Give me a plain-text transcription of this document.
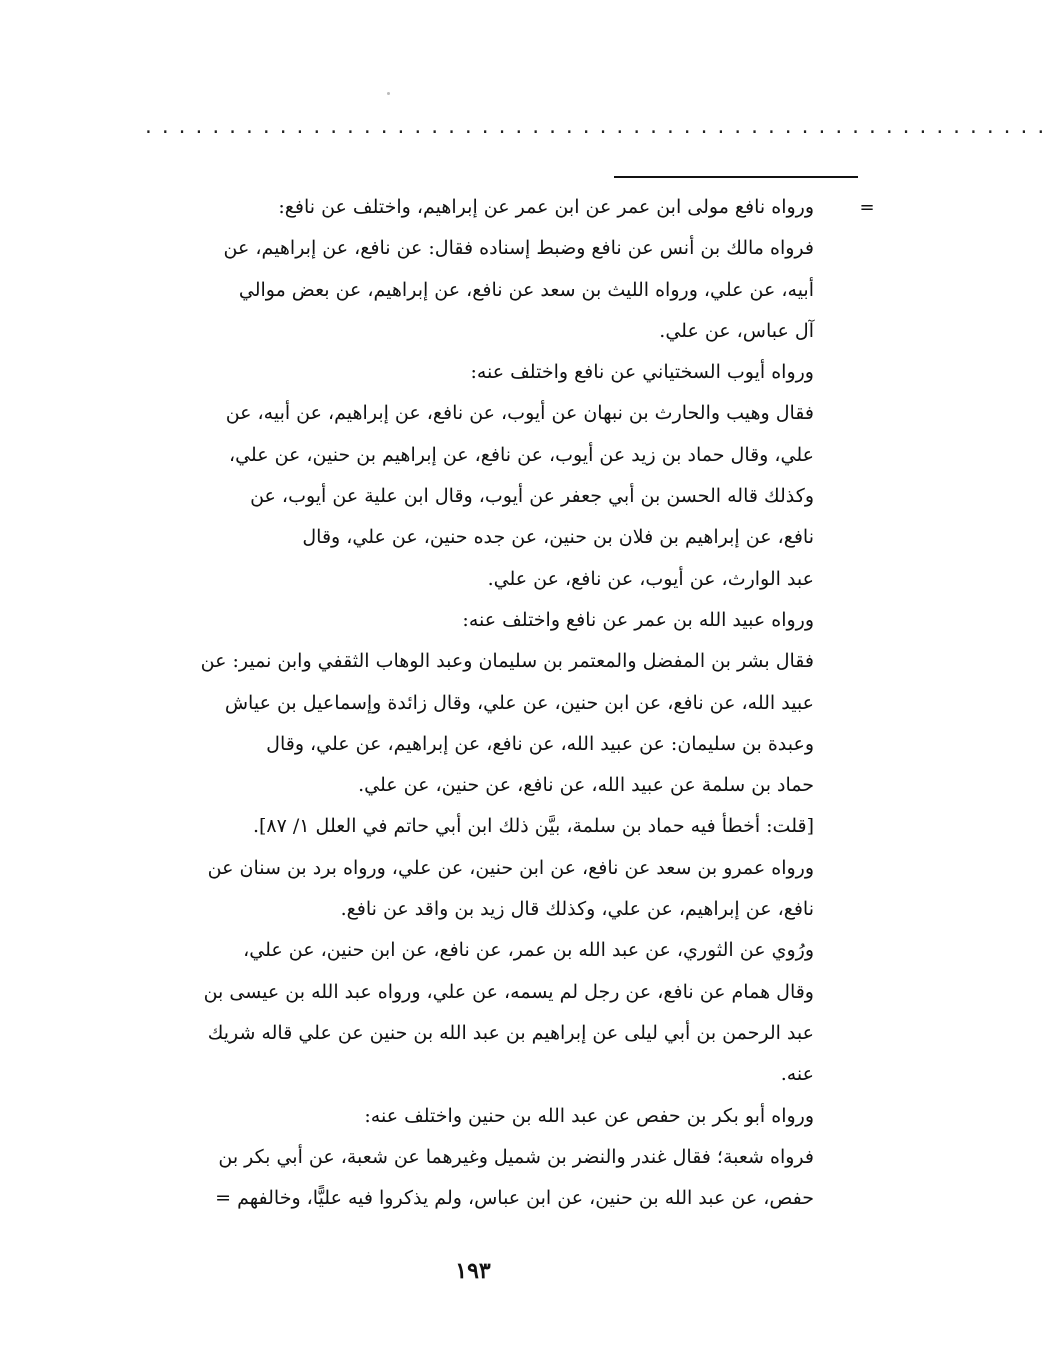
......................................................
=
ورواه نافع مولى ابن عمر عن ابن عمر عن إبراهيم، واختلف عن نافع:
فرواه مالك بن أنس عن نافع وضبط إسناده فقال: عن نافع، عن إبراهيم، عن
أبيه، عن علي، ورواه الليث بن سعد عن نافع، عن إبراهيم، عن بعض موالي
آل عباس، عن علي.
ورواه أيوب السختياني عن نافع واختلف عنه:
فقال وهيب والحارث بن نبهان عن أيوب، عن نافع، عن إبراهيم، عن أبيه، عن
علي، وقال حماد بن زيد عن أيوب، عن نافع، عن إبراهيم بن حنين، عن علي،
وكذلك قاله الحسن بن أبي جعفر عن أيوب، وقال ابن علية عن أيوب، عن
نافع، عن إبراهيم بن فلان بن حنين، عن جده حنين، عن علي، وقال
عبد الوارث، عن أيوب، عن نافع، عن علي.
ورواه عبيد الله بن عمر عن نافع واختلف عنه:
فقال بشر بن المفضل والمعتمر بن سليمان وعبد الوهاب الثقفي وابن نمير: عن
عبيد الله، عن نافع، عن ابن حنين، عن علي، وقال زائدة وإسماعيل بن عياش
وعبدة بن سليمان: عن عبيد الله، عن نافع، عن إبراهيم، عن علي، وقال
حماد بن سلمة عن عبيد الله، عن نافع، عن حنين، عن علي.
[قلت: أخطأ فيه حماد بن سلمة، بيَّن ذلك ابن أبي حاتم في العلل ١/ ٨٧].
ورواه عمرو بن سعد عن نافع، عن ابن حنين، عن علي، ورواه برد بن سنان عن
نافع، عن إبراهيم، عن علي، وكذلك قال زيد بن واقد عن نافع.
ورُوي عن الثوري، عن عبد الله بن عمر، عن نافع، عن ابن حنين، عن علي،
وقال همام عن نافع، عن رجل لم يسمه، عن علي، ورواه عبد الله بن عيسى بن
عبد الرحمن بن أبي ليلى عن إبراهيم بن عبد الله بن حنين عن علي قاله شريك
عنه.
ورواه أبو بكر بن حفص عن عبد الله بن حنين واختلف عنه:
فرواه شعبة؛ فقال غندر والنضر بن شميل وغيرهما عن شعبة، عن أبي بكر بن
حفص، عن عبد الله بن حنين، عن ابن عباس، ولم يذكروا فيه عليًّا، وخالفهم =
١٩٣
